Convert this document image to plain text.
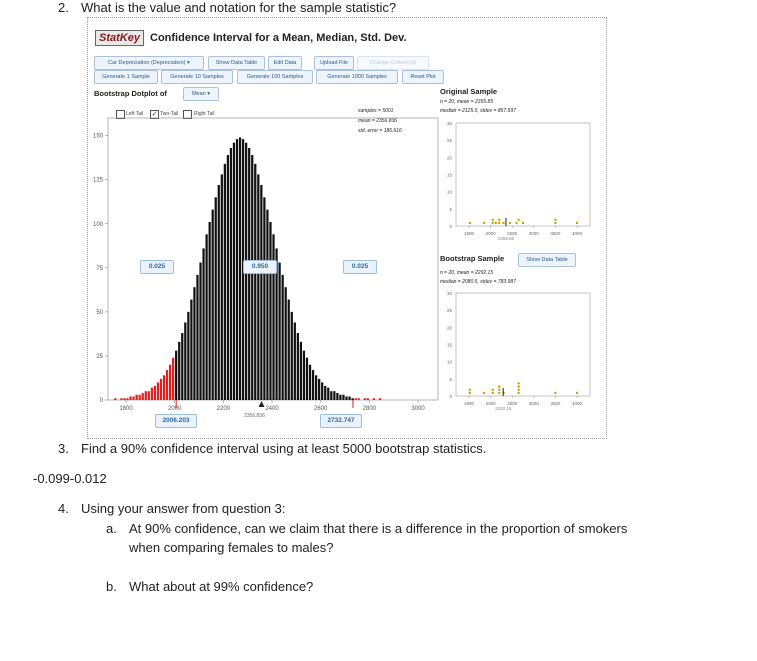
2. What is the value and notation for the sample statistic?
StatKey Confidence Interval for a Mean, Median, Std. Dev.
Car Depreciation (Depreciation) ▾	Show Data Table	Edit Data	Upload File	Change Column(s)
Generate 1 Sample	Generate 10 Samples	Generate 100 Samples	Generate 1000 Samples	Reset Plot
Bootstrap Dotplot of	Mean ▾
Left Tail ✓ Two-Tail	Right Tail	samples = 5001
mean = 2356.836
std. error = 186.616
0
25
50
75
100
125
150
1800	2000	2200	2400	2600	2800	3000
0.025	0.950	0.025
2006.203	2732.747
2356.836
Original Sample
n = 20, mean = 2355.85
median = 2125.5, stdev = 857.997
0
5
10
15
20
25
30
1500	2000	2500	3000	3500	4000
2355.85
Bootstrap Sample	Show Data Table
n = 20, mean = 2292.15
median = 2080.5, stdev = 783.987
0
5
10
15
20
25
30
1500	2000	2500	3000	3500	4000
2292.15
3. Find a 90% confidence interval using at least 5000 bootstrap statistics.
-0.099-0.012
4. Using your answer from question 3:
a. At 90% confidence, can we claim that there is a difference in the proportion of smokers
when comparing females to males?
b. What about at 99% confidence?
